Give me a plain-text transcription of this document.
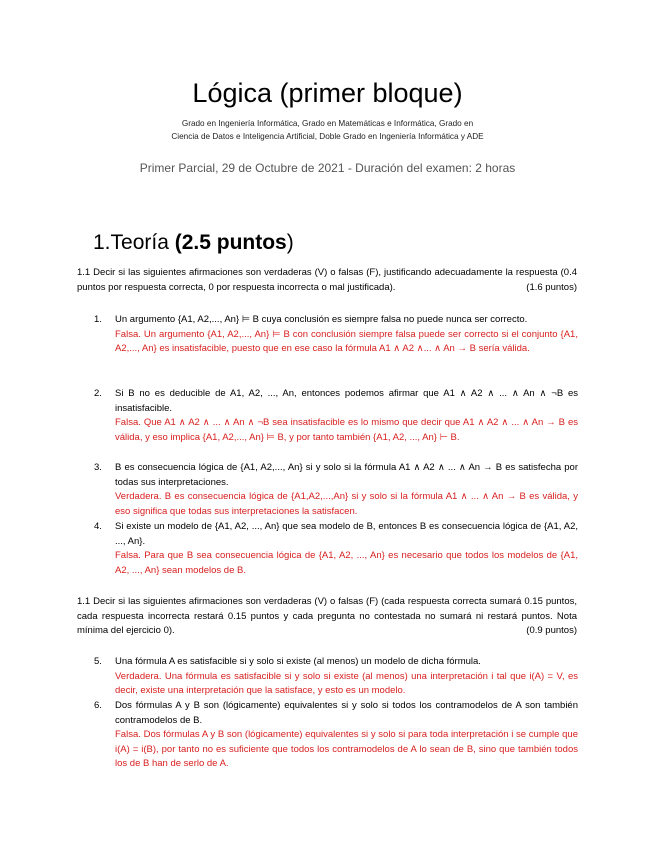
Lógica (primer bloque)
Grado en Ingeniería Informática, Grado en Matemáticas e Informática, Grado en
Ciencia de Datos e Inteligencia Artificial, Doble Grado en Ingeniería Informática y ADE
Primer Parcial, 29 de Octubre de 2021 - Duración del examen: 2 horas
1.Teoría (2.5 puntos)
1.1 Decir si las siguientes afirmaciones son verdaderas (V) o falsas (F), justificando adecuadamente la respuesta (0.4 puntos por respuesta correcta, 0 por respuesta incorrecta o mal justificada).	(1.6 puntos)
1.	Un argumento {A1, A2,..., An} ⊨ B cuya conclusión es siempre falsa no puede nunca ser correcto.
Falsa. Un argumento {A1, A2,..., An} ⊨ B con conclusión siempre falsa puede ser correcto si el conjunto {A1, A2,..., An} es insatisfacible, puesto que en ese caso la fórmula A1 ∧ A2 ∧... ∧ An → B sería válida.
2.	Si B no es deducible de A1, A2, ..., An, entonces podemos afirmar que A1 ∧ A2 ∧ ... ∧ An ∧ ¬B es insatisfacible.
Falsa. Que A1 ∧ A2 ∧ ... ∧ An ∧ ¬B sea insatisfacible es lo mismo que decir que A1 ∧ A2 ∧ ... ∧ An → B es válida, y eso implica {A1, A2,..., An} ⊨ B, y por tanto también {A1, A2, ..., An} ⊢ B.
3.	B es consecuencia lógica de {A1, A2,..., An} si y solo si la fórmula A1 ∧ A2 ∧ ... ∧ An → B es satisfecha por todas sus interpretaciones.
Verdadera. B es consecuencia lógica de {A1,A2,...,An} si y solo si la fórmula A1 ∧ ... ∧ An → B es válida, y eso significa que todas sus interpretaciones la satisfacen.
4.	Si existe un modelo de {A1, A2, ..., An} que sea modelo de B, entonces B es consecuencia lógica de {A1, A2, ..., An}.
Falsa. Para que B sea consecuencia lógica de {A1, A2, ..., An} es necesario que todos los modelos de {A1, A2, ..., An} sean modelos de B.
1.1 Decir si las siguientes afirmaciones son verdaderas (V) o falsas (F) (cada respuesta correcta sumará 0.15 puntos, cada respuesta incorrecta restará 0.15 puntos y cada pregunta no contestada no sumará ni restará puntos. Nota mínima del ejercicio 0).	(0.9 puntos)
5.	Una fórmula A es satisfacible si y solo si existe (al menos) un modelo de dicha fórmula.
Verdadera. Una fórmula es satisfacible si y solo si existe (al menos) una interpretación i tal que i(A) = V, es decir, existe una interpretación que la satisface, y esto es un modelo.
6.	Dos fórmulas A y B son (lógicamente) equivalentes si y solo si todos los contramodelos de A son también contramodelos de B.
Falsa. Dos fórmulas A y B son (lógicamente) equivalentes si y solo si para toda interpretación i se cumple que i(A) = i(B), por tanto no es suficiente que todos los contramodelos de A lo sean de B, sino que también todos los de B han de serlo de A.
